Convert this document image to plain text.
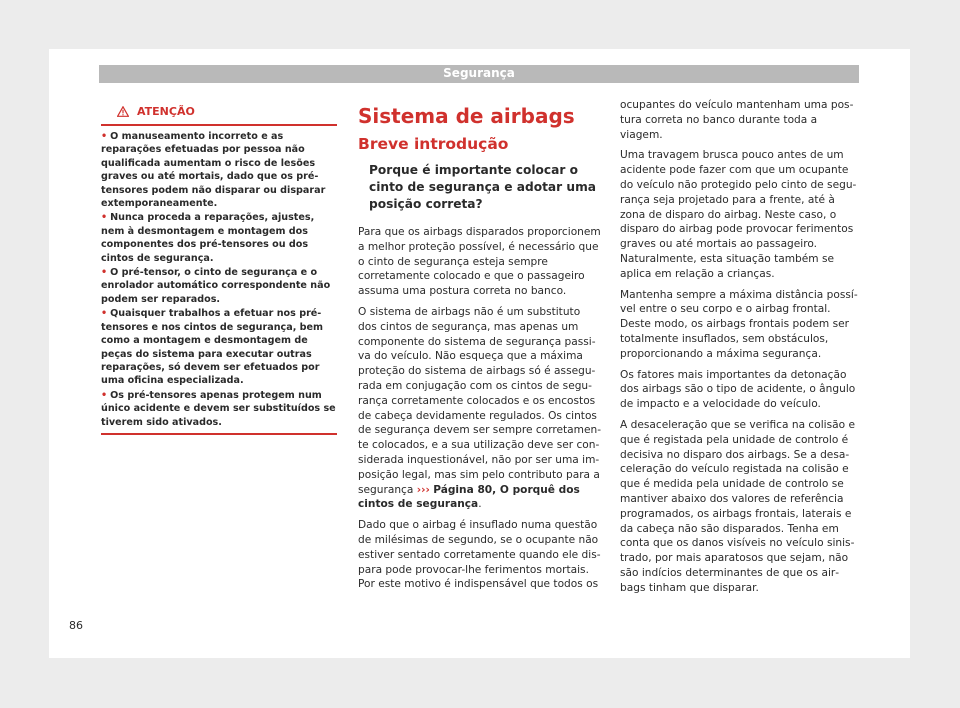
Segurança
ATENÇÃO
• O manuseamento incorreto e as reparações efetuadas por pessoa não qualificada aumentam o risco de lesões graves ou até mortais, dado que os pré-tensores podem não disparar ou disparar extemporaneamente.
• Nunca proceda a reparações, ajustes, nem à desmontagem e montagem dos componentes dos pré-tensores ou dos cintos de segurança.
• O pré-tensor, o cinto de segurança e o enrolador automático correspondente não podem ser reparados.
• Quaisquer trabalhos a efetuar nos pré-tensores e nos cintos de segurança, bem como a montagem e desmontagem de peças do sistema para executar outras reparações, só devem ser efetuados por uma oficina especializada.
• Os pré-tensores apenas protegem num único acidente e devem ser substituídos se tiverem sido ativados.
Sistema de airbags
Breve introdução
Porque é importante colocar o cinto de segurança e adotar uma posição correta?

Para que os airbags disparados proporcionem a melhor proteção possível, é necessário que o cinto de segurança esteja sempre corretamente colocado e que o passageiro assuma uma postura correta no banco.

O sistema de airbags não é um substituto dos cintos de segurança, mas apenas um componente do sistema de segurança passiva do veículo. Não esqueça que a máxima proteção do sistema de airbags só é assegurada em conjugação com os cintos de segurança corretamente colocados e os encostos de cabeça devidamente regulados. Os cintos de segurança devem ser sempre corretamente colocados, e a sua utilização deve ser considerada inquestionável, não por ser uma imposição legal, mas sim pelo contributo para a segurança ››› Página 80, O porquê dos cintos de segurança.

Dado que o airbag é insuflado numa questão de milésimas de segundo, se o ocupante não estiver sentado corretamente quando ele dispara pode provocar-lhe ferimentos mortais. Por este motivo é indispensável que todos os

ocupantes do veículo mantenham uma postura correta no banco durante toda a viagem.

Uma travagem brusca pouco antes de um acidente pode fazer com que um ocupante do veículo não protegido pelo cinto de segurança seja projetado para a frente, até à zona de disparo do airbag. Neste caso, o disparo do airbag pode provocar ferimentos graves ou até mortais ao passageiro. Naturalmente, esta situação também se aplica em relação a crianças.

Mantenha sempre a máxima distância possível entre o seu corpo e o airbag frontal. Deste modo, os airbags frontais podem ser totalmente insuflados, sem obstáculos, proporcionando a máxima segurança.

Os fatores mais importantes da detonação dos airbags são o tipo de acidente, o ângulo de impacto e a velocidade do veículo.

A desaceleração que se verifica na colisão e que é registada pela unidade de controlo é decisiva no disparo dos airbags. Se a desaceleração do veículo registada na colisão e que é medida pela unidade de controlo se mantiver abaixo dos valores de referência programados, os airbags frontais, laterais e da cabeça não são disparados. Tenha em conta que os danos visíveis no veículo sinistrado, por mais aparatosos que sejam, não são indícios determinantes de que os airbags tinham que disparar.

86
